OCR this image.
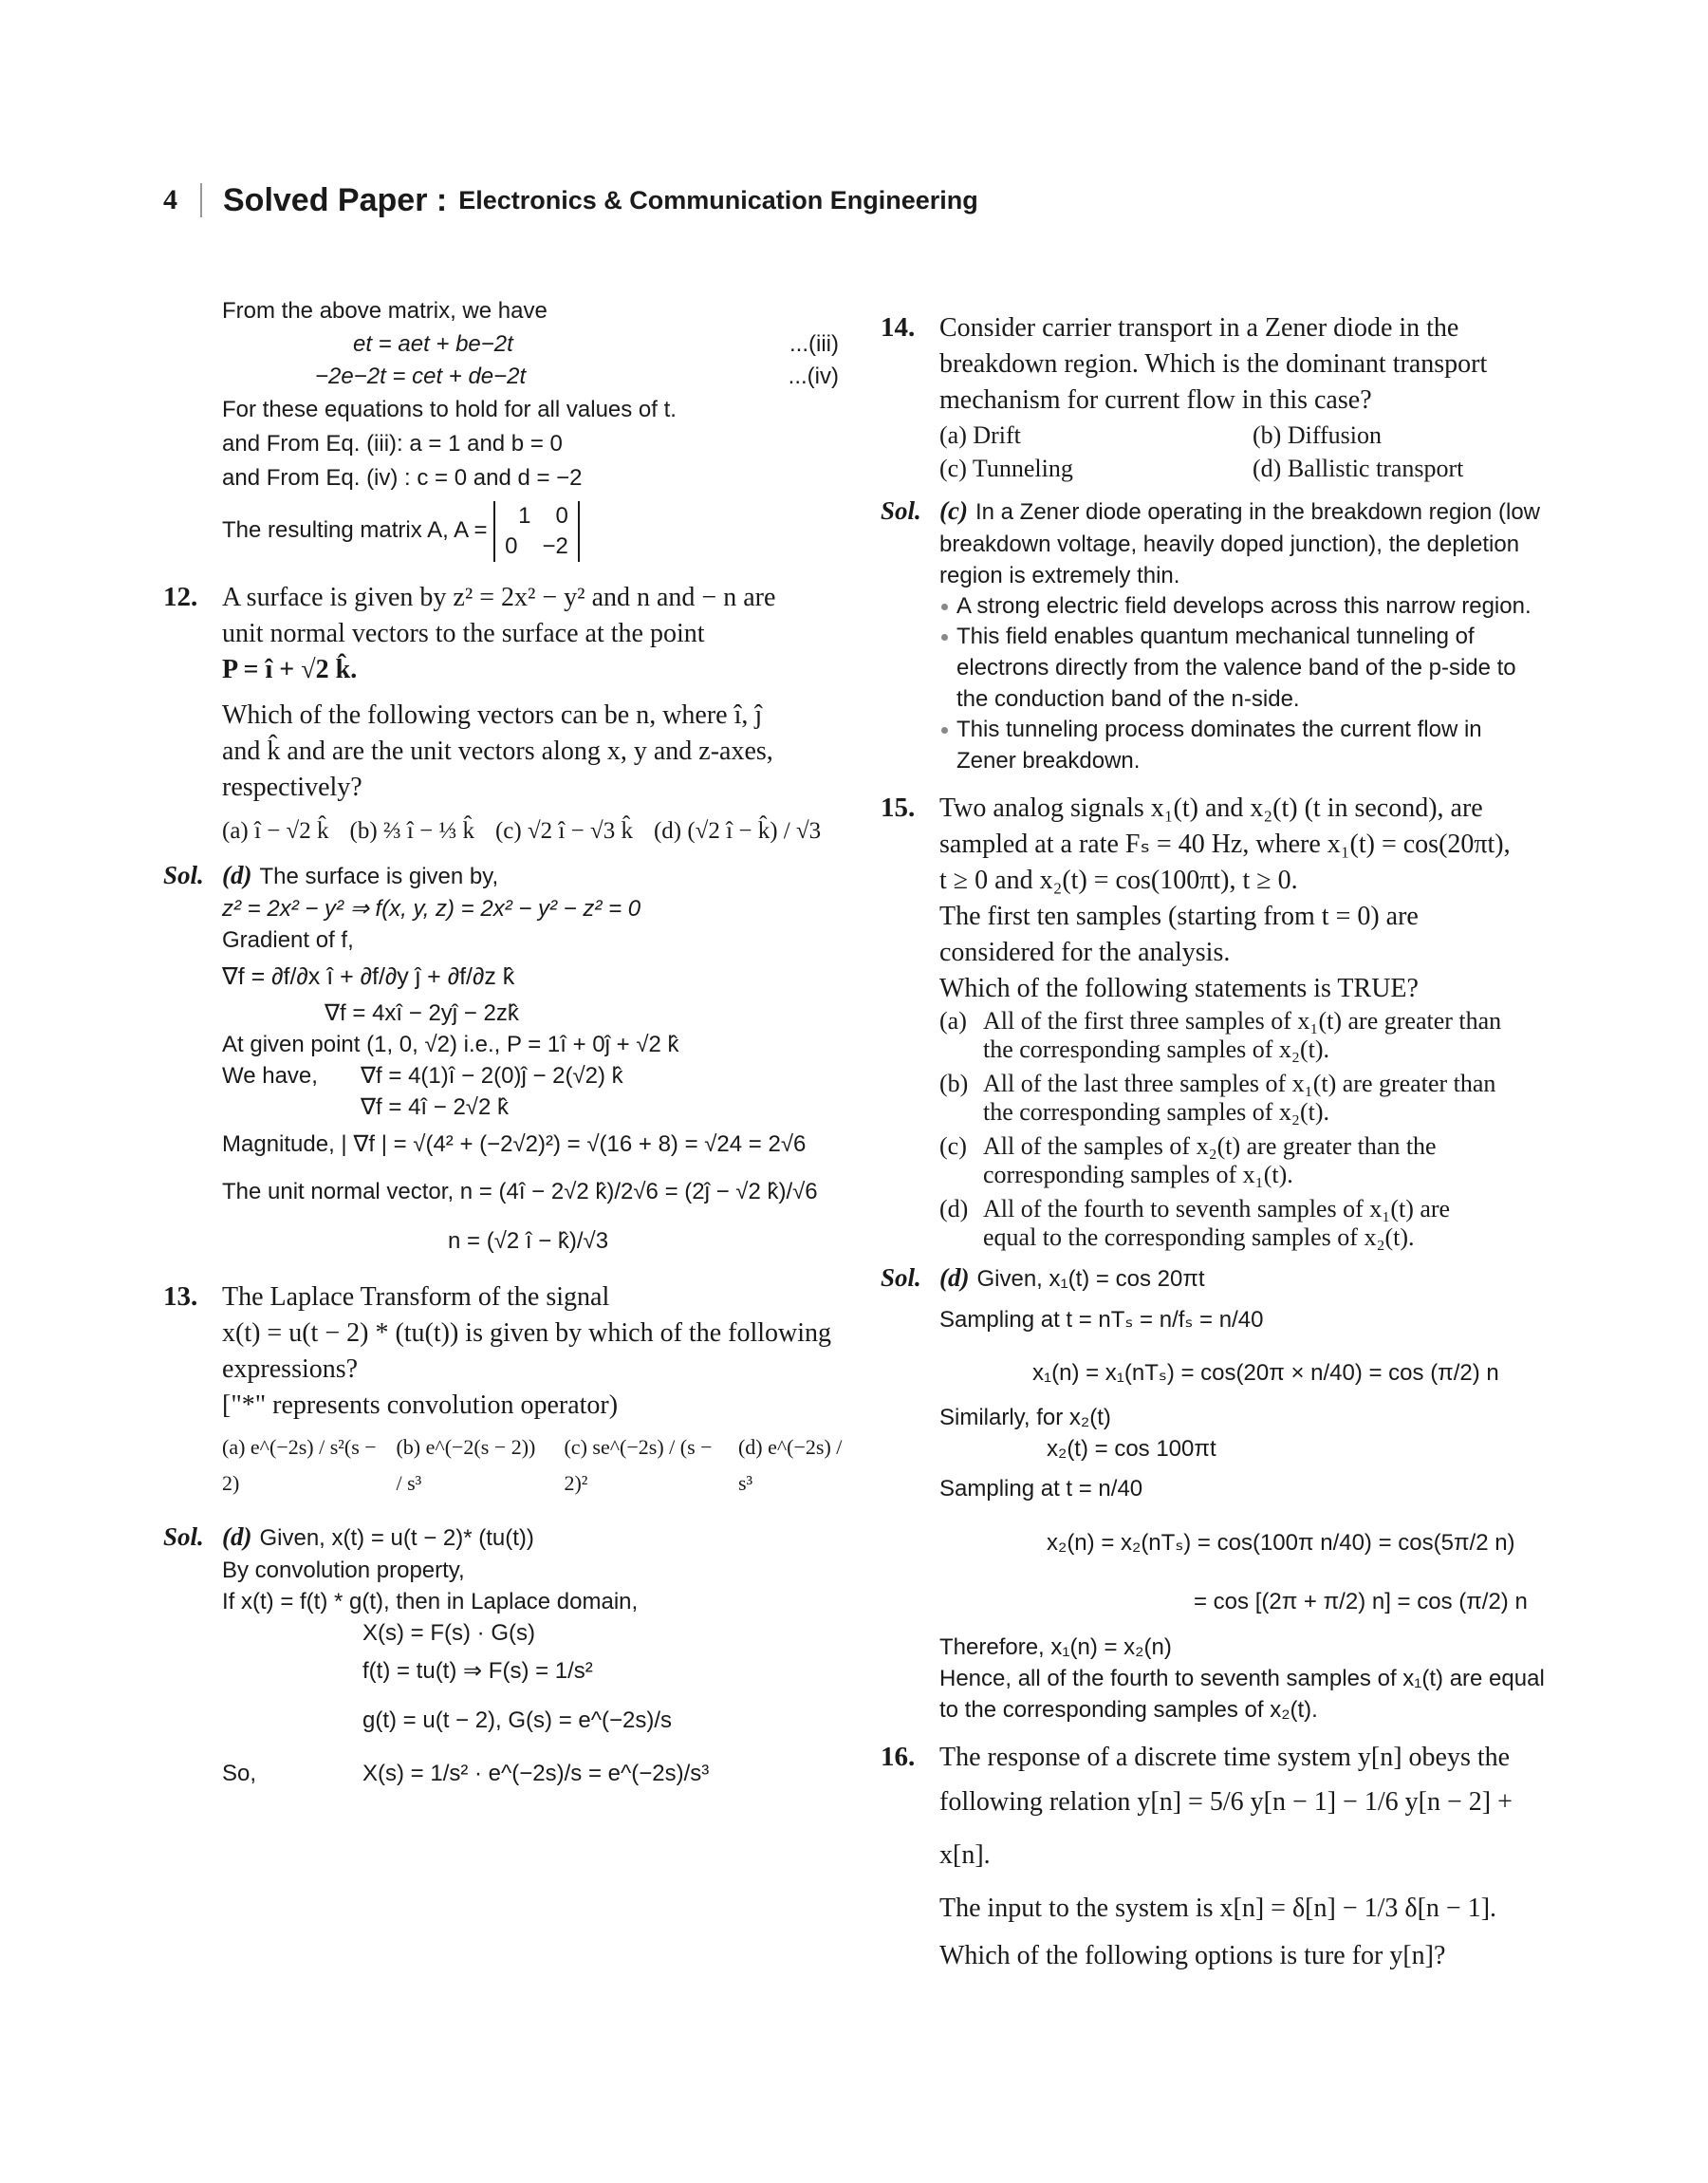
4 Solved Paper : Electronics & Communication Engineering
From the above matrix, we have
et = aet + be−2t	...(iii)
−2e−2t = cet + de−2t	...(iv)
For these equations to hold for all values of t.
and From Eq. (iii): a = 1 and b = 0
and From Eq. (iv) : c = 0 and d = −2
The resulting matrix A, A =
1 0
0 −2
12. A surface is given by z² = 2x² − y² and n and − n are
unit normal vectors to the surface at the point
P = î + √2 k̂.
Which of the following vectors can be n, where î, ĵ
and k̂ and are the unit vectors along x, y and z-axes,
respectively?
(a) î − √2 k̂ (b) ⅔ î − ⅓ k̂ (c) √2 î − √3 k̂ (d) (√2 î − k̂) / √3
Sol. (d) The surface is given by,
z² = 2x² − y² ⇒ f(x, y, z) = 2x² − y² − z² = 0
Gradient of f,
∇f = ∂f/∂x î + ∂f/∂y ĵ + ∂f/∂z k̂
∇f = 4xî − 2yĵ − 2zk̂
At given point (1, 0, √2) i.e., P = 1î + 0ĵ + √2 k̂
We have,	∇f = 4(1)î − 2(0)ĵ − 2(√2) k̂
∇f = 4î − 2√2 k̂
Magnitude, | ∇f | = √(4² + (−2√2)²) = √(16 + 8) = √24 = 2√6
The unit normal vector, n = (4î − 2√2 k̂)/2√6 = (2ĵ − √2 k̂)/√6
n = (√2 î − k̂)/√3
13. The Laplace Transform of the signal
x(t) = u(t − 2) * (tu(t)) is given by which of the following
expressions?
["*" represents convolution operator)
(a) e^(−2s) / s²(s − 2)
(b) e^(−2(s − 2)) / s³
(c) se^(−2s) / (s − 2)²
(d) e^(−2s) / s³
Sol. (d) Given, x(t) = u(t − 2)* (tu(t))
By convolution property,
If x(t) = f(t) * g(t), then in Laplace domain,
X(s) = F(s) · G(s)
f(t) = tu(t) ⇒ F(s) = 1/s²
g(t) = u(t − 2), G(s) = e^(−2s)/s
So,	X(s) = 1/s² · e^(−2s)/s = e^(−2s)/s³
14. Consider carrier transport in a Zener diode in the
breakdown region. Which is the dominant transport
mechanism for current flow in this case?
(a) Drift	(b) Diffusion
(c) Tunneling	(d) Ballistic transport
Sol. (c) In a Zener diode operating in the breakdown region (low
breakdown voltage, heavily doped junction), the depletion
region is extremely thin.
A strong electric field develops across this narrow region.
This field enables quantum mechanical tunneling of
electrons directly from the valence band of the p-side to
the conduction band of the n-side.
This tunneling process dominates the current flow in
Zener breakdown.
15. Two analog signals x₁(t) and x₂(t) (t in second), are
sampled at a rate Fₛ = 40 Hz, where x₁(t) = cos(20πt),
t ≥ 0 and x₂(t) = cos(100πt), t ≥ 0.
The first ten samples (starting from t = 0) are
considered for the analysis.
Which of the following statements is TRUE?
(a) All of the first three samples of x₁(t) are greater than
the corresponding samples of x₂(t).
(b) All of the last three samples of x₁(t) are greater than
the corresponding samples of x₂(t).
(c) All of the samples of x₂(t) are greater than the
corresponding samples of x₁(t).
(d) All of the fourth to seventh samples of x₁(t) are
equal to the corresponding samples of x₂(t).
Sol. (d) Given, x₁(t) = cos 20πt
Sampling at t = nTₛ = n/fₛ = n/40
x₁(n) = x₁(nTₛ) = cos(20π × n/40) = cos (π/2) n
Similarly, for x₂(t)
x₂(t) = cos 100πt
Sampling at t = n/40
x₂(n) = x₂(nTₛ) = cos(100π n/40) = cos(5π/2 n)
= cos [(2π + π/2) n] = cos (π/2) n
Therefore, x₁(n) = x₂(n)
Hence, all of the fourth to seventh samples of x₁(t) are equal
to the corresponding samples of x₂(t).
16. The response of a discrete time system y[n] obeys the
following relation y[n] = 5/6 y[n − 1] − 1/6 y[n − 2] + x[n].
The input to the system is x[n] = δ[n] − 1/3 δ[n − 1].
Which of the following options is ture for y[n]?
